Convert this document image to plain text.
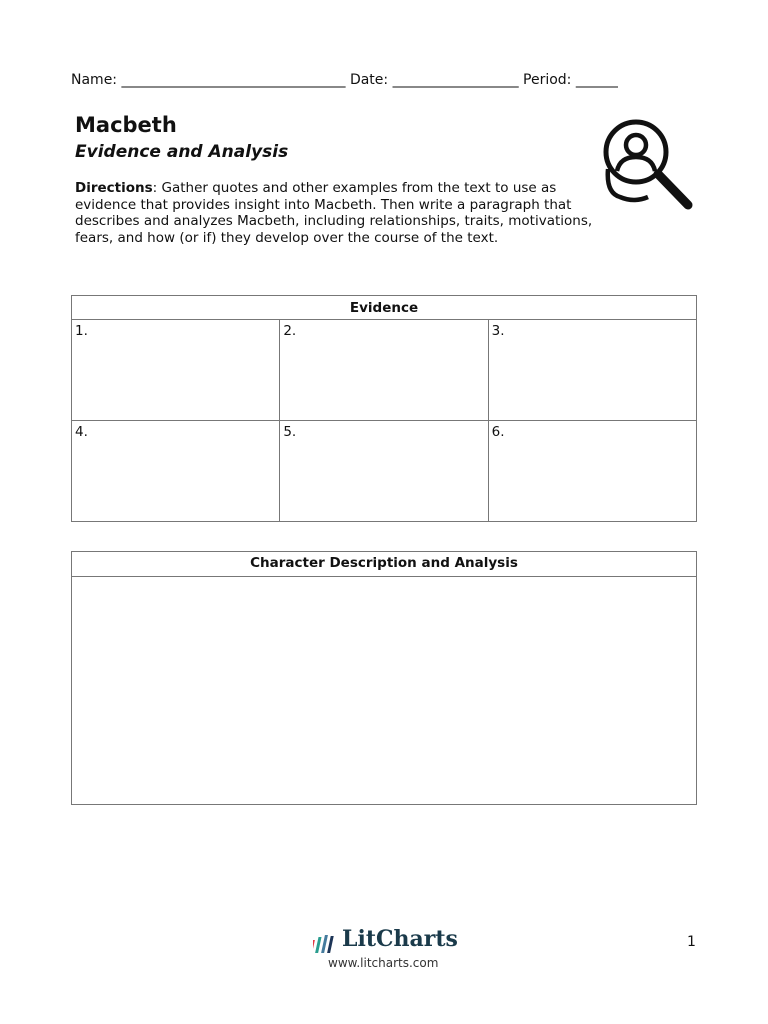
Name: ________________________________ Date: __________________ Period: ______
Macbeth
Evidence and Analysis
Directions: Gather quotes and other examples from the text to use as evidence that provides insight into Macbeth. Then write a paragraph that describes and analyzes Macbeth, including relationships, traits, motivations, fears, and how (or if) they develop over the course of the text.
Evidence		
1.	2.	3.
4.	5.	6.
Character Description and Analysis
LitCharts
www.litcharts.com
1
